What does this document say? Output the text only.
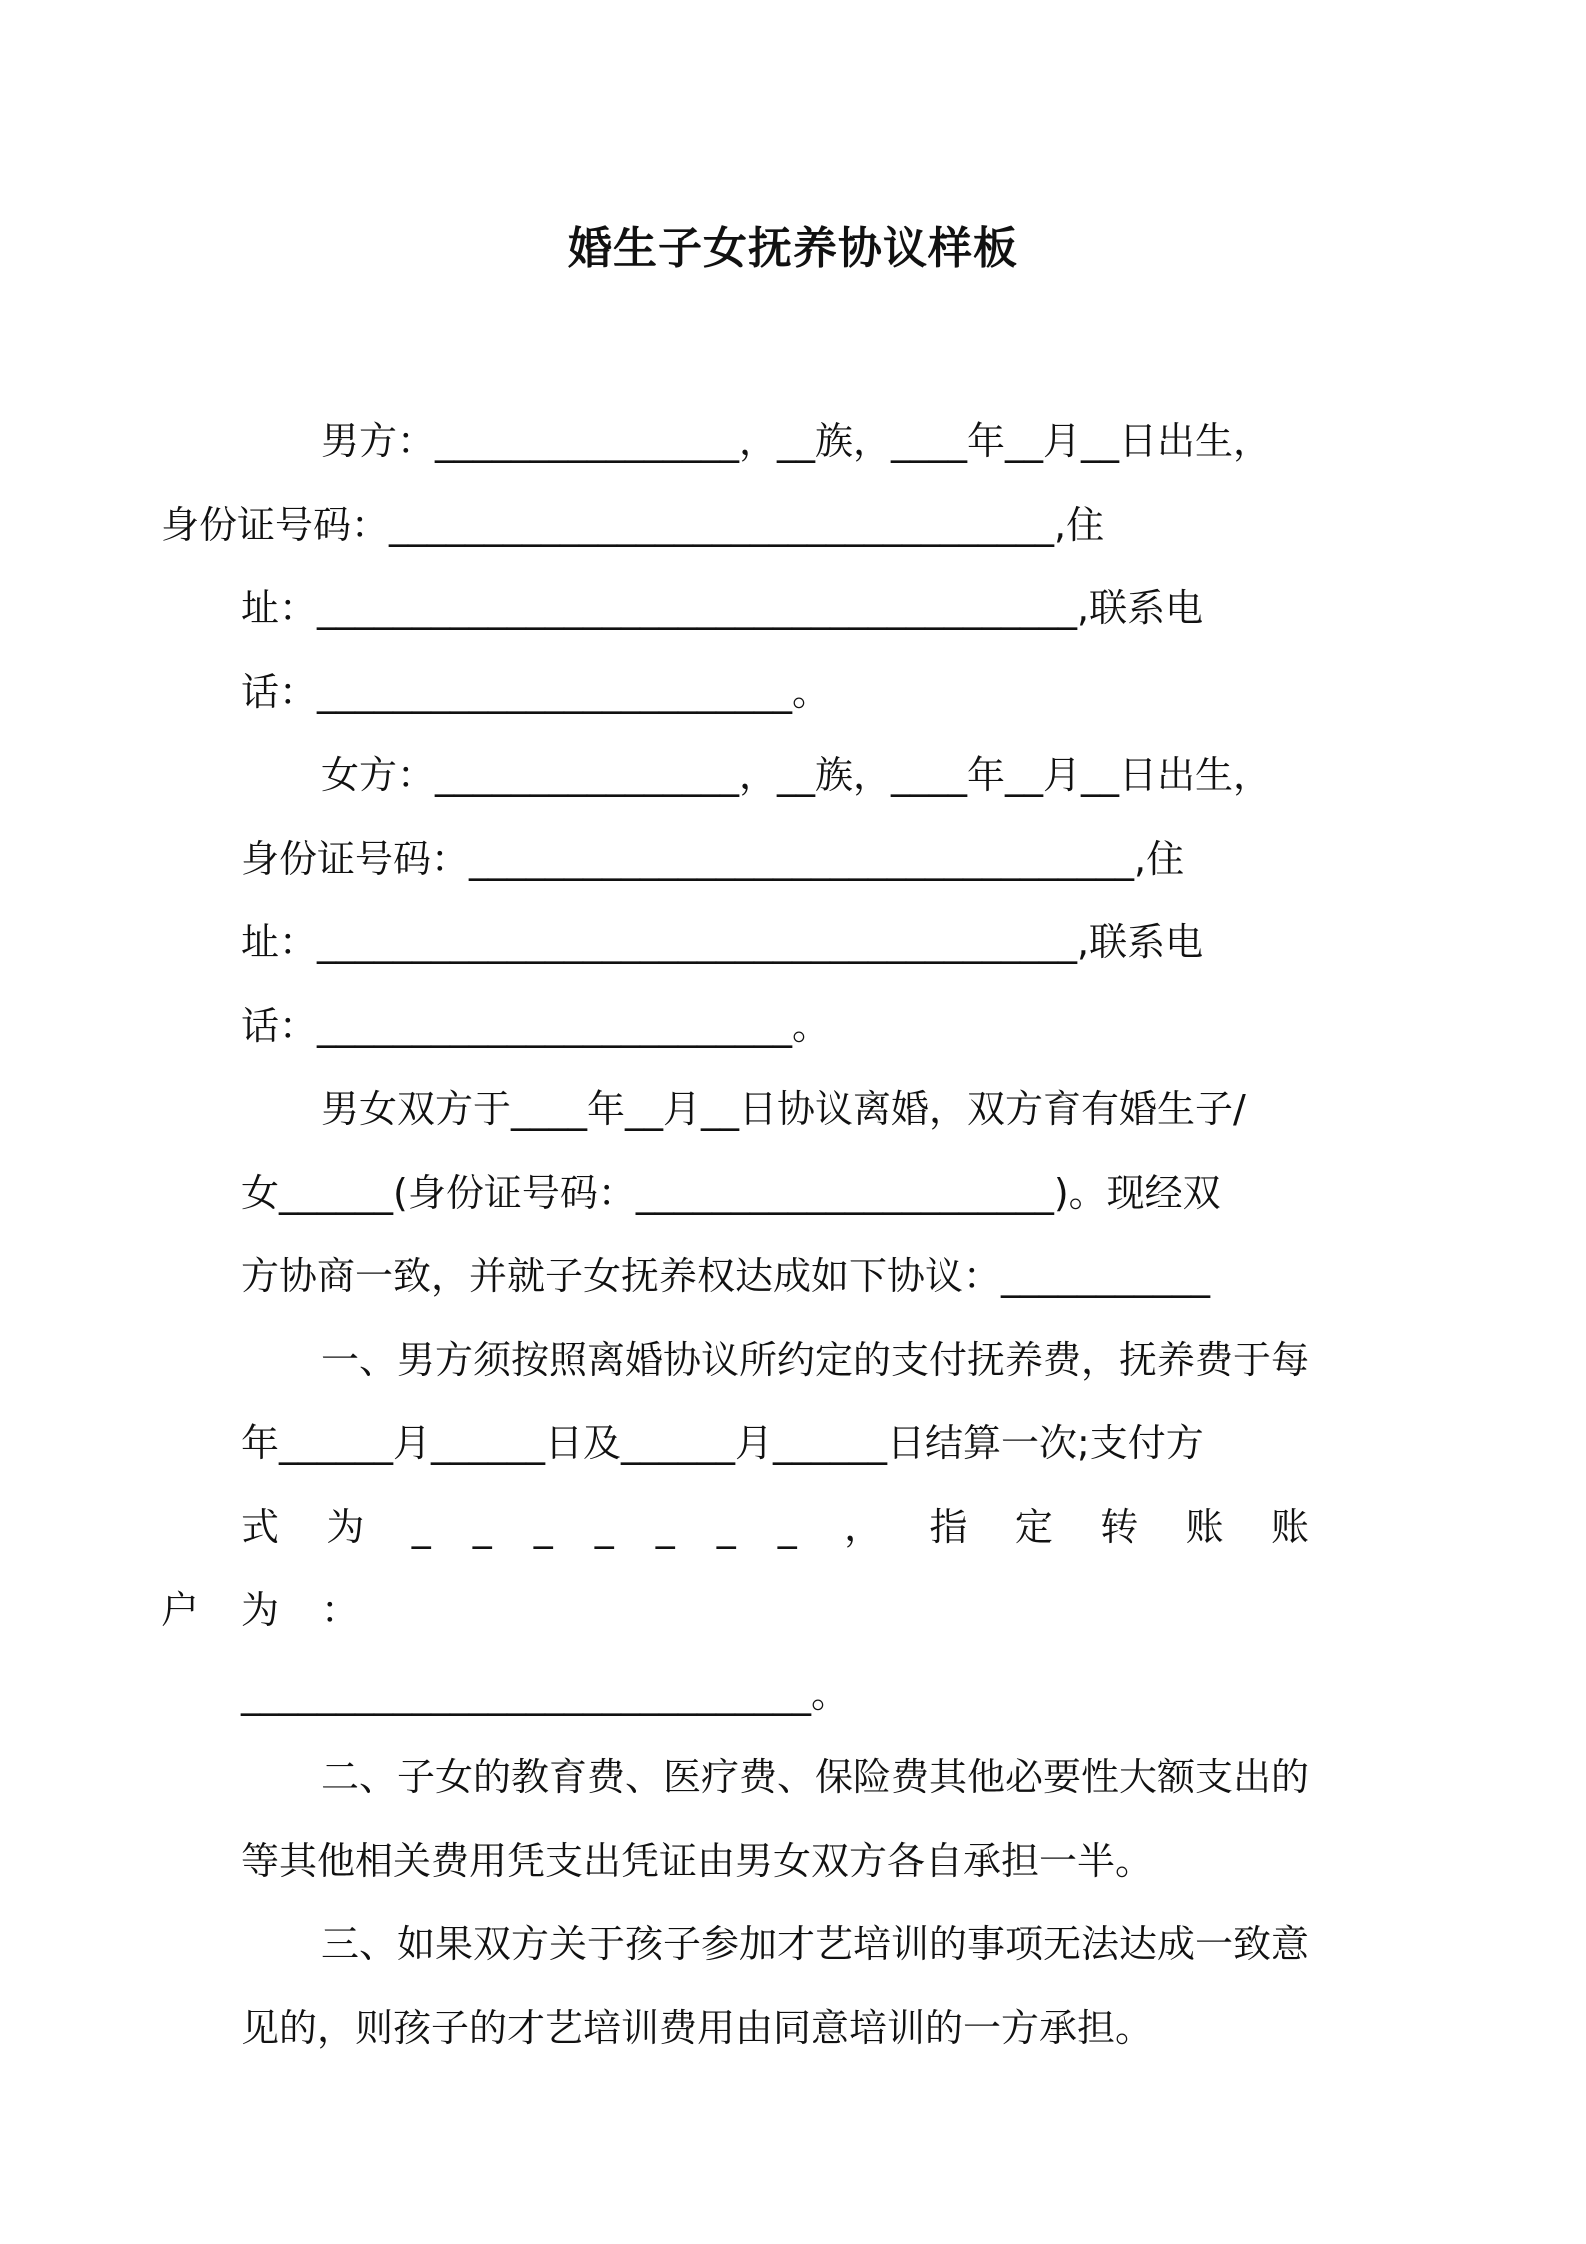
婚生子女抚养协议样板

男方：________________，__族，____年__月__日出生，
身份证号码：___________________________________,住
址：________________________________________,联系电
话：_________________________。

女方：________________，__族，____年__月__日出生，
身份证号码：___________________________________,住
址：________________________________________,联系电
话：_________________________。

男女双方于____年__月__日协议离婚，双方育有婚生子/
女______(身份证号码：______________________)。现经双
方协商一致，并就子女抚养权达成如下协议：___________

一、男方须按照离婚协议所约定的支付抚养费，抚养费于每
年______月______日及______月______日结算一次;支付方
式为_______，指定转账账户为：
______________________________。

二、子女的教育费、医疗费、保险费其他必要性大额支出的
等其他相关费用凭支出凭证由男女双方各自承担一半。

三、如果双方关于孩子参加才艺培训的事项无法达成一致意
见的，则孩子的才艺培训费用由同意培训的一方承担。
